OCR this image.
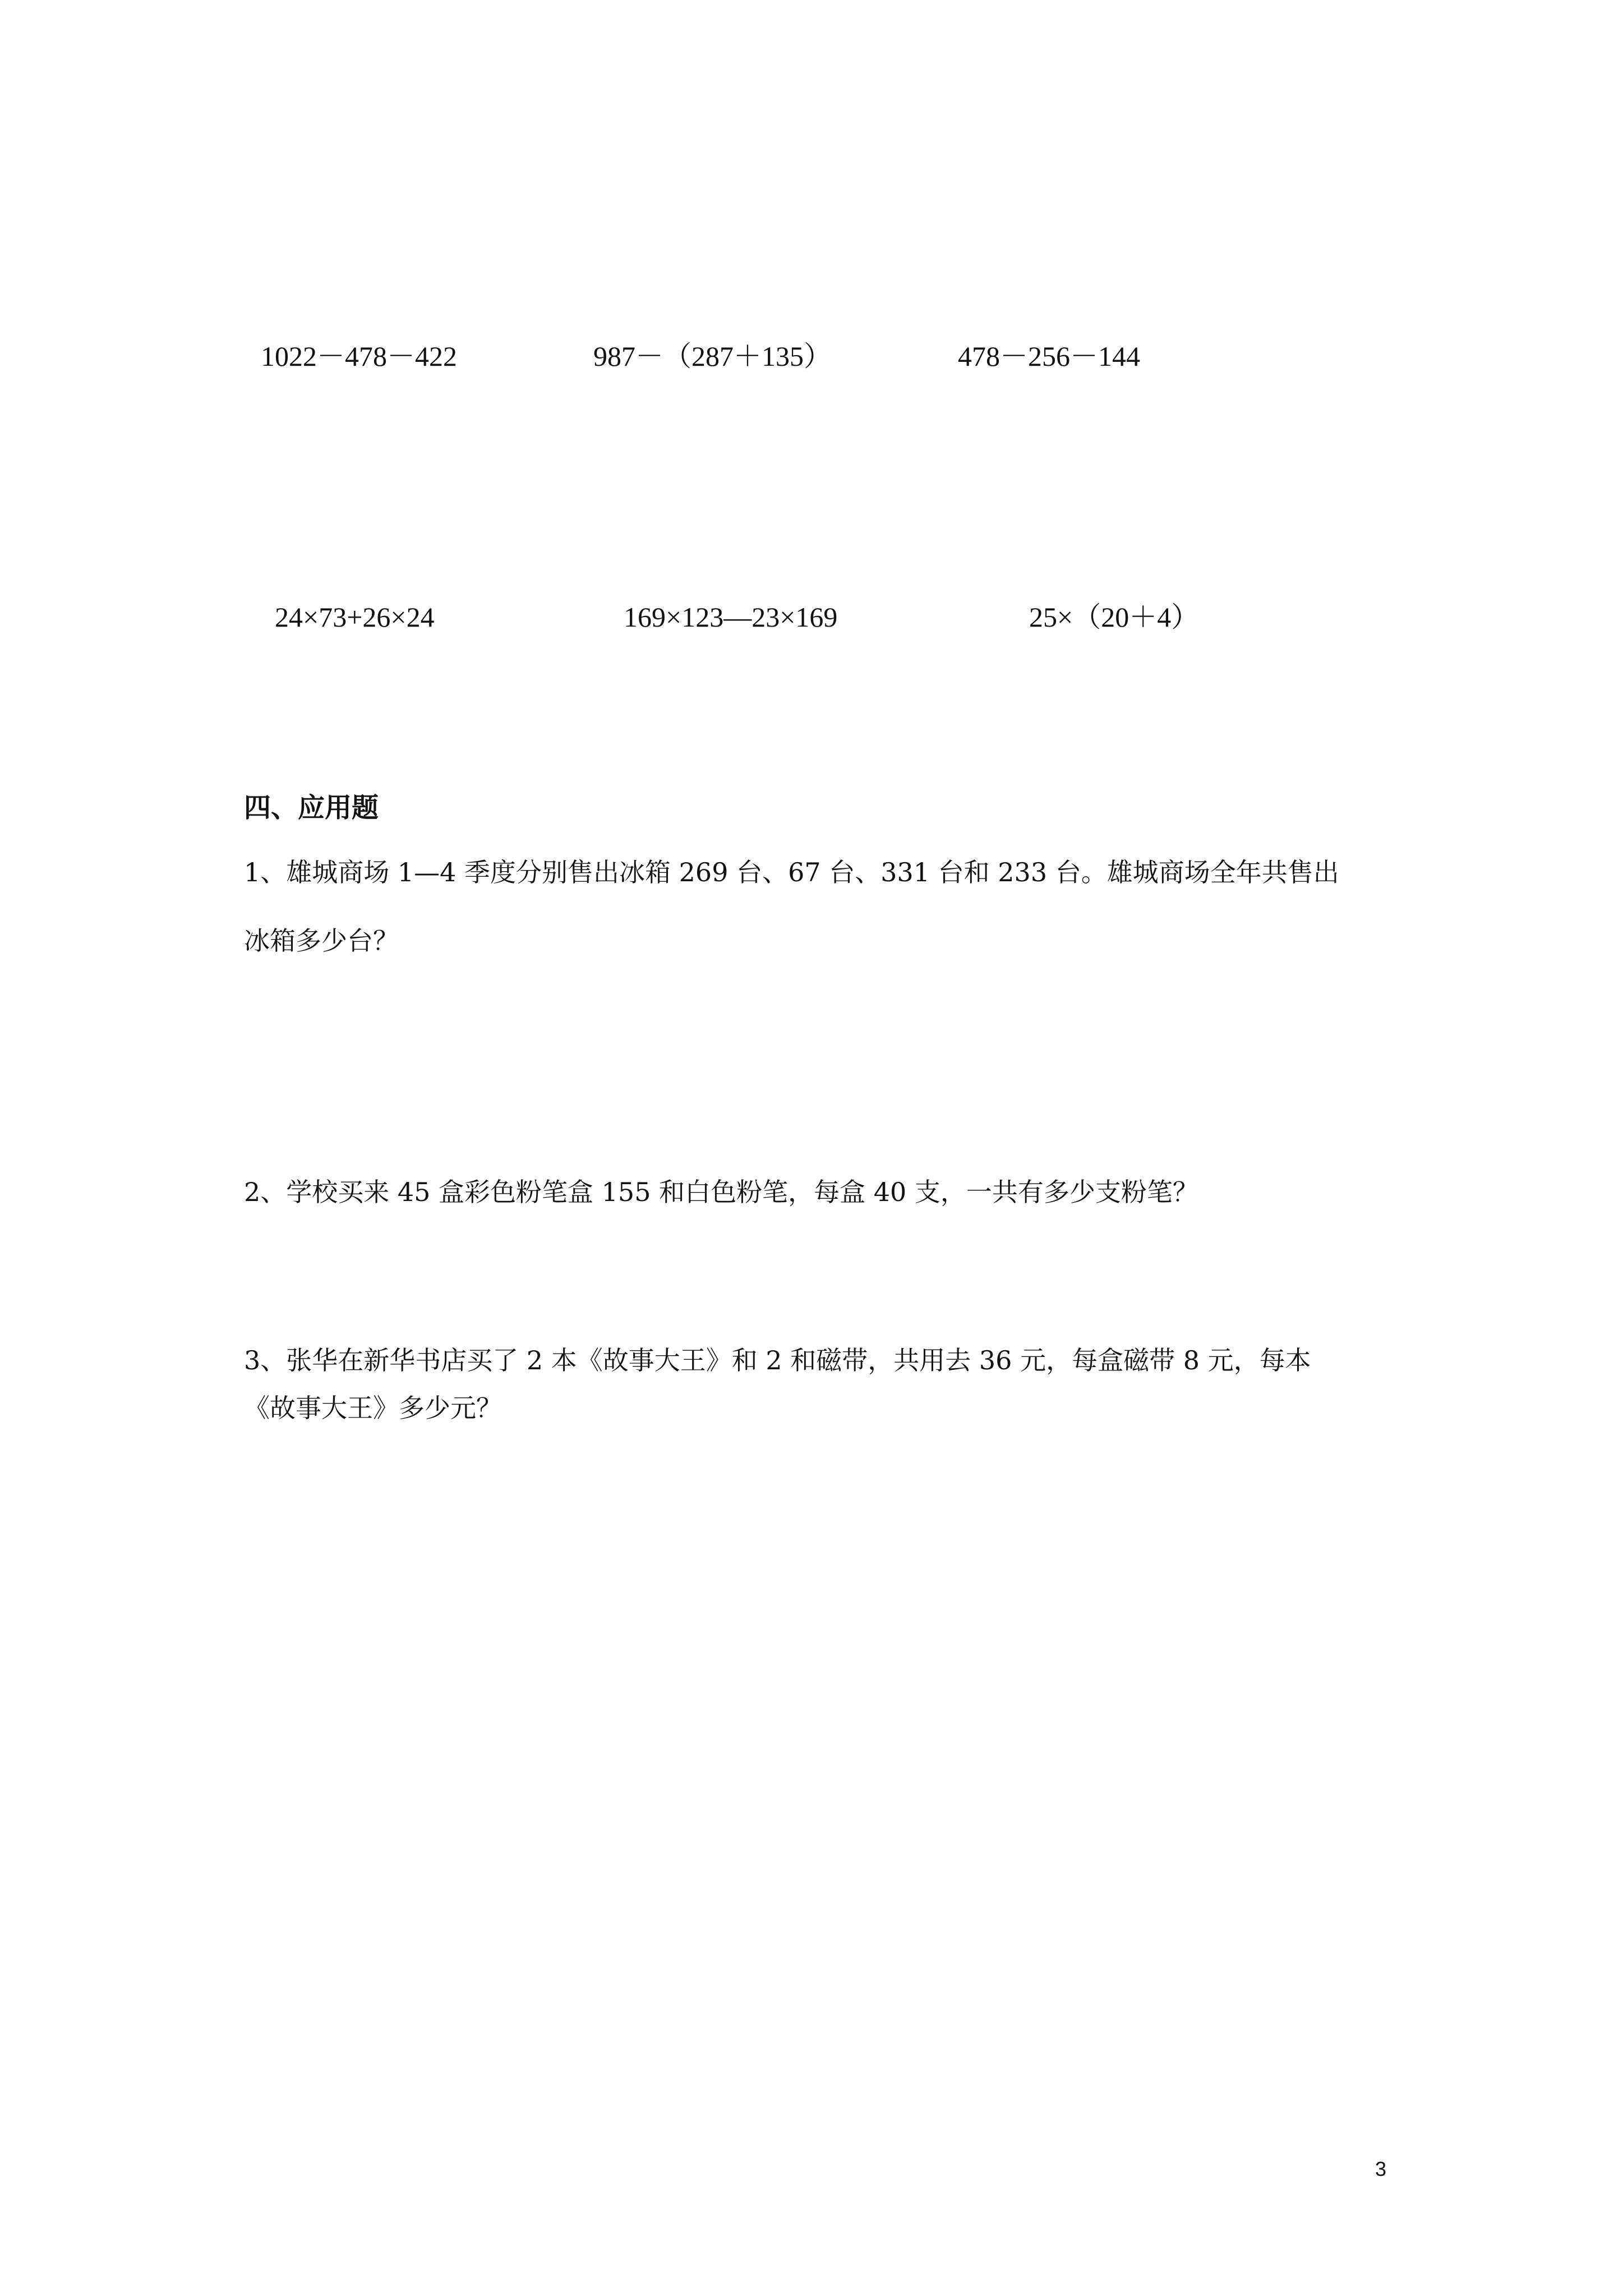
1022－478－422	987－（287＋135）	478－256－144
24×73+26×24	169×123—23×169	25×（20＋4）
四、应用题
1、雄城商场 1—4 季度分别售出冰箱 269 台、67 台、331 台和 233 台。雄城商场全年共售出
冰箱多少台？
2、学校买来 45 盒彩色粉笔盒 155 和白色粉笔，每盒 40 支，一共有多少支粉笔？
3、张华在新华书店买了 2 本《故事大王》和 2 和磁带，共用去 36 元，每盒磁带 8 元，每本
《故事大王》多少元？
3
